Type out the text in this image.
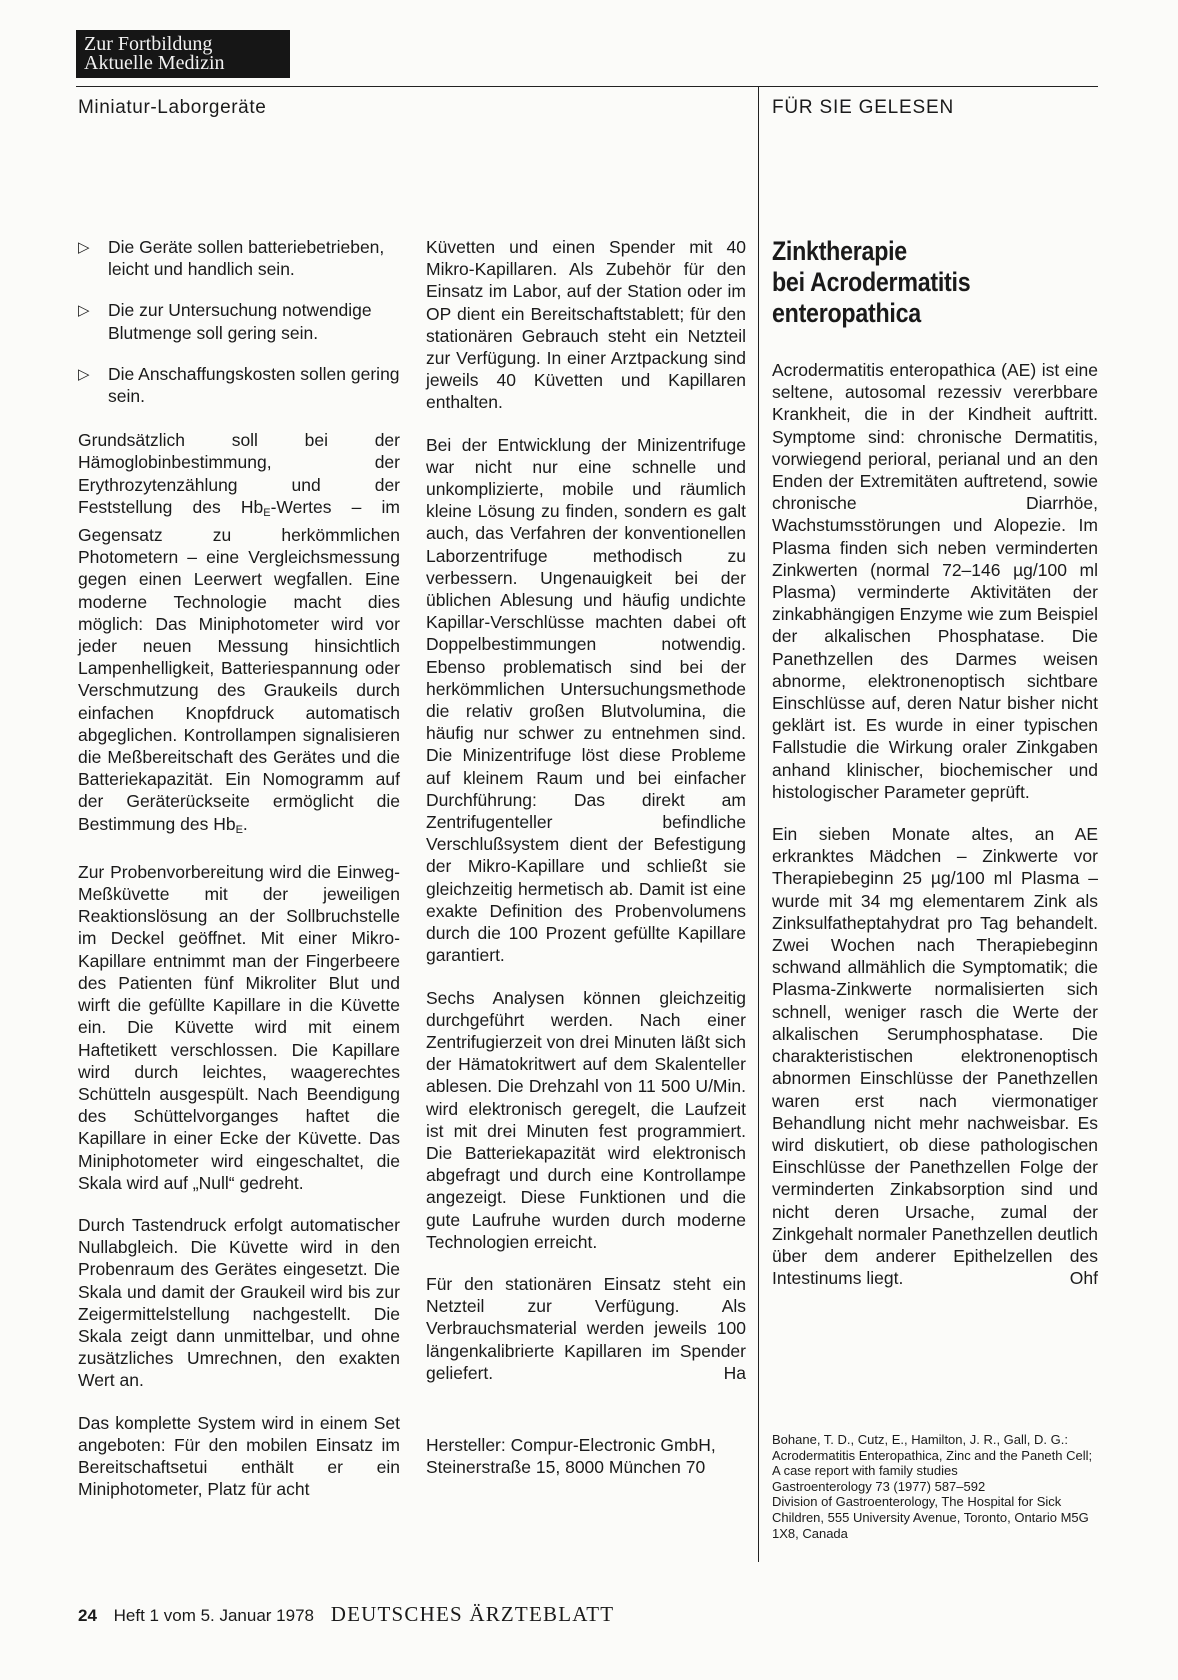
Zur Fortbildung
Aktuelle Medizin
Miniatur-Laborgeräte	FÜR SIE GELESEN
▷	Die Geräte sollen batteriebetrieben, leicht und handlich sein.
▷	Die zur Untersuchung notwendige Blutmenge soll gering sein.
▷	Die Anschaffungskosten sollen gering sein.

Grundsätzlich soll bei der Hämoglobinbestimmung, der Erythrozytenzählung und der Feststellung des $Hb_E$-Wertes – im Gegensatz zu herkömmlichen Photometern – eine Vergleichsmessung gegen einen Leerwert wegfallen. Eine moderne Technologie macht dies möglich: Das Miniphotometer wird vor jeder neuen Messung hinsichtlich Lampenhelligkeit, Batteriespannung oder Verschmutzung des Graukeils durch einfachen Knopfdruck automatisch abgeglichen. Kontrollampen signalisieren die Meßbereitschaft des Gerätes und die Batteriekapazität. Ein Nomogramm auf der Geräterückseite ermöglicht die Bestimmung des $Hb_E$.

Zur Probenvorbereitung wird die Einweg-Meßküvette mit der jeweiligen Reaktionslösung an der Sollbruchstelle im Deckel geöffnet. Mit einer Mikro-Kapillare entnimmt man der Fingerbeere des Patienten fünf Mikroliter Blut und wirft die gefüllte Kapillare in die Küvette ein. Die Küvette wird mit einem Haftetikett verschlossen. Die Kapillare wird durch leichtes, waagerechtes Schütteln ausgespült. Nach Beendigung des Schüttelvorganges haftet die Kapillare in einer Ecke der Küvette. Das Miniphotometer wird eingeschaltet, die Skala wird auf „Null“ gedreht.

Durch Tastendruck erfolgt automatischer Nullabgleich. Die Küvette wird in den Probenraum des Gerätes eingesetzt. Die Skala und damit der Graukeil wird bis zur Zeigermittelstellung nachgestellt. Die Skala zeigt dann unmittelbar, und ohne zusätzliches Umrechnen, den exakten Wert an.

Das komplette System wird in einem Set angeboten: Für den mobilen Einsatz im Bereitschaftsetui enthält er ein Miniphotometer, Platz für acht

Küvetten und einen Spender mit 40 Mikro-Kapillaren. Als Zubehör für den Einsatz im Labor, auf der Station oder im OP dient ein Bereitschaftstablett; für den stationären Gebrauch steht ein Netzteil zur Verfügung. In einer Arztpackung sind jeweils 40 Küvetten und Kapillaren enthalten.

Bei der Entwicklung der Minizentrifuge war nicht nur eine schnelle und unkomplizierte, mobile und räumlich kleine Lösung zu finden, sondern es galt auch, das Verfahren der konventionellen Laborzentrifuge methodisch zu verbessern. Ungenauigkeit bei der üblichen Ablesung und häufig undichte Kapillar-Verschlüsse machten dabei oft Doppelbestimmungen notwendig. Ebenso problematisch sind bei der herkömmlichen Untersuchungsmethode die relativ großen Blutvolumina, die häufig nur schwer zu entnehmen sind. Die Minizentrifuge löst diese Probleme auf kleinem Raum und bei einfacher Durchführung: Das direkt am Zentrifugenteller befindliche Verschlußsystem dient der Befestigung der Mikro-Kapillare und schließt sie gleichzeitig hermetisch ab. Damit ist eine exakte Definition des Probenvolumens durch die 100 Prozent gefüllte Kapillare garantiert.

Sechs Analysen können gleichzeitig durchgeführt werden. Nach einer Zentrifugierzeit von drei Minuten läßt sich der Hämatokritwert auf dem Skalenteller ablesen. Die Drehzahl von 11 500 U/Min. wird elektronisch geregelt, die Laufzeit ist mit drei Minuten fest programmiert. Die Batteriekapazität wird elektronisch abgefragt und durch eine Kontrollampe angezeigt. Diese Funktionen und die gute Laufruhe wurden durch moderne Technologien erreicht.

Für den stationären Einsatz steht ein Netzteil zur Verfügung. Als Verbrauchsmaterial werden jeweils 100 längenkalibrierte Kapillaren im Spender geliefert.	Ha
Hersteller: Compur-Electronic GmbH,
Steinerstraße 15, 8000 München 70
Zinktherapie
bei Acrodermatitis
enteropathica

Acrodermatitis enteropathica (AE) ist eine seltene, autosomal rezessiv vererbbare Krankheit, die in der Kindheit auftritt. Symptome sind: chronische Dermatitis, vorwiegend perioral, perianal und an den Enden der Extremitäten auftretend, sowie chronische Diarrhöe, Wachstumsstörungen und Alopezie. Im Plasma finden sich neben verminderten Zinkwerten (normal 72–146 µg/100 ml Plasma) verminderte Aktivitäten der zinkabhängigen Enzyme wie zum Beispiel der alkalischen Phosphatase. Die Panethzellen des Darmes weisen abnorme, elektronenoptisch sichtbare Einschlüsse auf, deren Natur bisher nicht geklärt ist. Es wurde in einer typischen Fallstudie die Wirkung oraler Zinkgaben anhand klinischer, biochemischer und histologischer Parameter geprüft.

Ein sieben Monate altes, an AE erkranktes Mädchen – Zinkwerte vor Therapiebeginn 25 µg/100 ml Plasma – wurde mit 34 mg elementarem Zink als Zinksulfatheptahydrat pro Tag behandelt. Zwei Wochen nach Therapiebeginn schwand allmählich die Symptomatik; die Plasma-Zinkwerte normalisierten sich schnell, weniger rasch die Werte der alkalischen Serumphosphatase. Die charakteristischen elektronenoptisch abnormen Einschlüsse der Panethzellen waren erst nach viermonatiger Behandlung nicht mehr nachweisbar. Es wird diskutiert, ob diese pathologischen Einschlüsse der Panethzellen Folge der verminderten Zinkabsorption sind und nicht deren Ursache, zumal der Zinkgehalt normaler Panethzellen deutlich über dem anderer Epithelzellen des Intestinums liegt.	Ohf
Bohane, T. D., Cutz, E., Hamilton, J. R., Gall, D. G.:
Acrodermatitis Enteropathica, Zinc and the Paneth Cell; A case report with family studies
Gastroenterology 73 (1977) 587–592
Division of Gastroenterology, The Hospital for Sick Children, 555 University Avenue, Toronto, Ontario M5G 1X8, Canada
24 Heft 1 vom 5. Januar 1978 DEUTSCHES ÄRZTEBLATT
